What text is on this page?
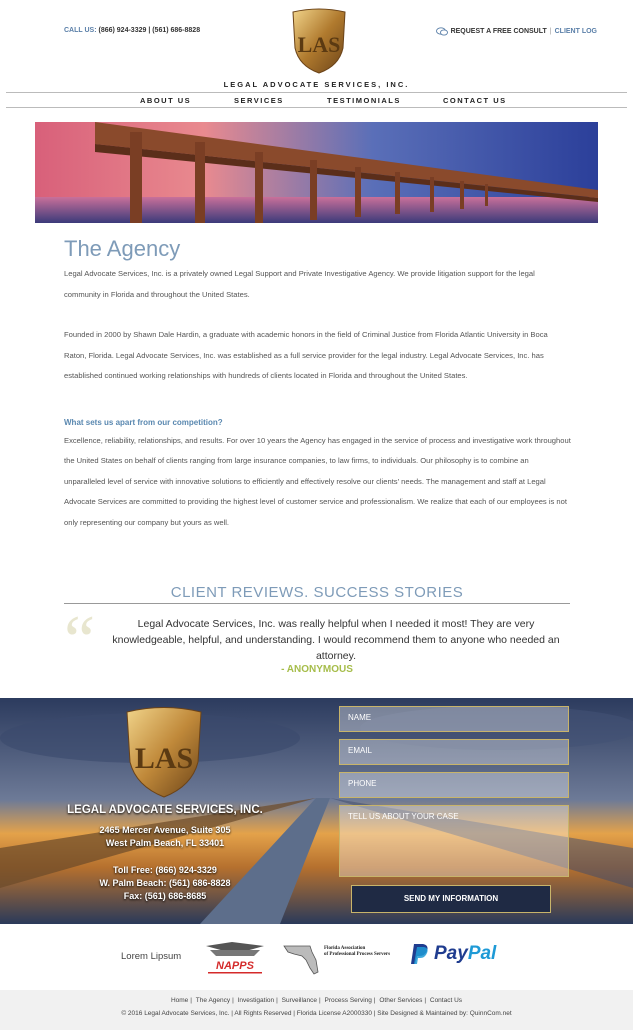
CALL US: (866) 924-3329 | (561) 686-8828
LAS
REQUEST A FREE CONSULT | CLIENT LOG
LEGAL ADVOCATE SERVICES, INC.
ABOUT US	SERVICES	TESTIMONIALS	CONTACT US
The Agency

Legal Advocate Services, Inc. is a privately owned Legal Support and Private Investigative Agency. We provide litigation support for the legal community in Florida and throughout the United States.

Founded in 2000 by Shawn Dale Hardin, a graduate with academic honors in the field of Criminal Justice from Florida Atlantic University in Boca Raton, Florida. Legal Advocate Services, Inc. was established as a full service provider for the legal industry. Legal Advocate Services, Inc. has established continued working relationships with hundreds of clients located in Florida and throughout the United States.

What sets us apart from our competition?

Excellence, reliability, relationships, and results. For over 10 years the Agency has engaged in the service of process and investigative work throughout the United States on behalf of clients ranging from large insurance companies, to law firms, to individuals. Our philosophy is to combine an unparalleled level of service with innovative solutions to efficiently and effectively resolve our clients' needs. The management and staff at Legal Advocate Services are committed to providing the highest level of customer service and professionalism. We realize that each of our employees is not only representing our company but yours as well.

CLIENT REVIEWS. SUCCESS STORIES
“	Legal Advocate Services, Inc. was really helpful when I needed it most! They are very knowledgeable, helpful, and understanding. I would recommend them to anyone who needed an attorney.
- ANONYMOUS
LAS
LEGAL ADVOCATE SERVICES, INC.
2465 Mercer Avenue, Suite 305
West Palm Beach, FL 33401
Toll Free: (866) 924-3329
W. Palm Beach: (561) 686-8828
Fax: (561) 686-8685
NAME
EMAIL
PHONE
TELL US ABOUT YOUR CASE
SEND MY INFORMATION
Lorem Lipsum
NAPPS
Florida Association
of Professional Process Servers PayPal
Home | The Agency | Investigation | Surveillance | Process Serving | Other Services | Contact Us
© 2016 Legal Advocate Services, Inc. | All Rights Reserved | Florida License A2000330 | Site Designed & Maintained by: QuinnCom.net
